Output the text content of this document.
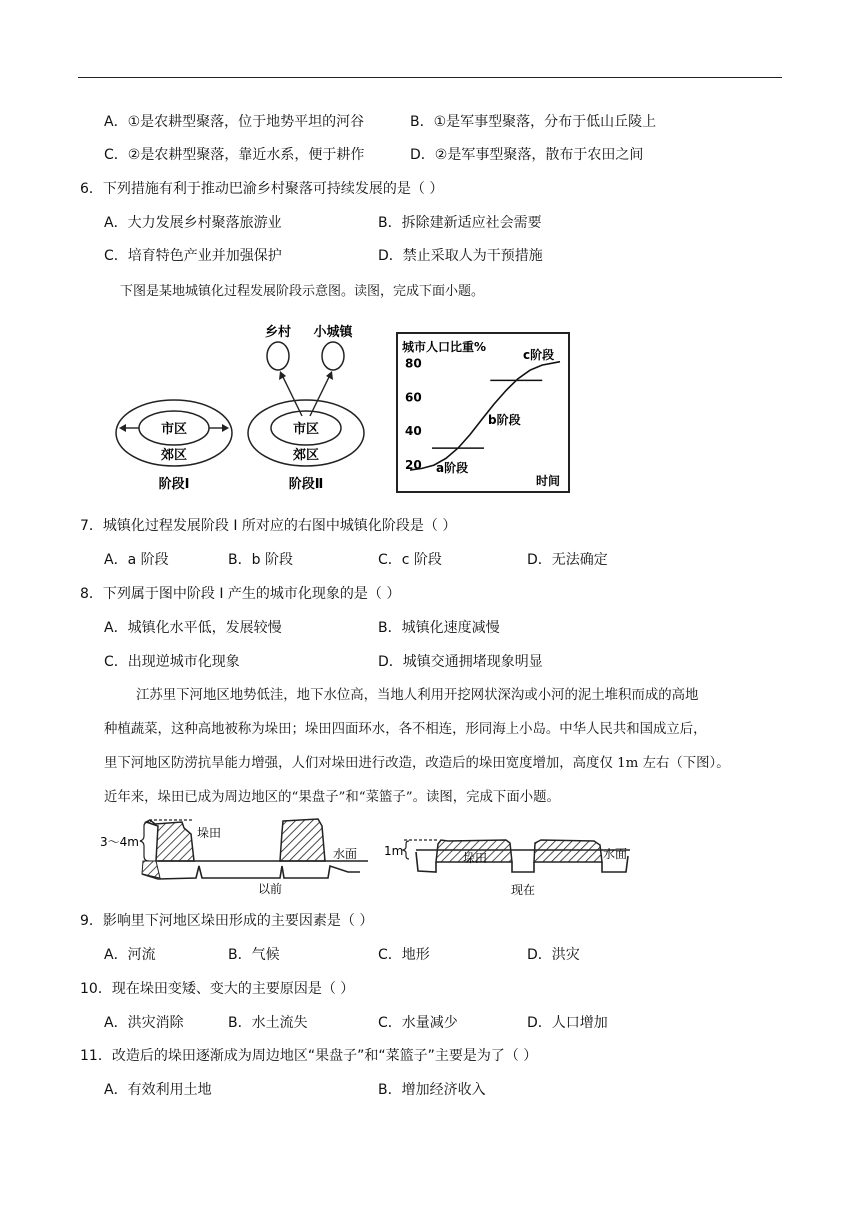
A．①是农耕型聚落，位于地势平坦的河谷	B．①是军事型聚落，分布于低山丘陵上
C．②是农耕型聚落，靠近水系，便于耕作	D．②是军事型聚落，散布于农田之间
6．下列措施有利于推动巴渝乡村聚落可持续发展的是（ ）
A．大力发展乡村聚落旅游业	B．拆除建新适应社会需要
C．培育特色产业并加强保护	D．禁止采取人为干预措施
下图是某地城镇化过程发展阶段示意图。读图，完成下面小题。
市区
郊区
阶段Ⅰ
乡村 小城镇
市区
郊区
阶段Ⅱ
城市人口比重%
时间
20
40
60
80
a阶段
b阶段
c阶段
7．城镇化过程发展阶段 I 所对应的右图中城镇化阶段是（ ）
A．a 阶段	B．b 阶段	C．c 阶段	D．无法确定
8．下列属于图中阶段 I 产生的城市化现象的是（ ）
A．城镇化水平低，发展较慢	B．城镇化速度减慢
C．出现逆城市化现象	D．城镇交通拥堵现象明显
江苏里下河地区地势低洼，地下水位高，当地人利用开挖网状深沟或小河的泥土堆积而成的高地
种植蔬菜，这种高地被称为垛田；垛田四面环水，各不相连，形同海上小岛。中华人民共和国成立后，
里下河地区防涝抗旱能力增强，人们对垛田进行改造，改造后的垛田宽度增加，高度仅 1m 左右（下图）。
近年来，垛田已成为周边地区的“果盘子”和“菜篮子”。读图，完成下面小题。
3～4m
垛田
水面
以前
1m	垛田	水面
现在
9．影响里下河地区垛田形成的主要因素是（ ）
A．河流	B．气候	C．地形	D．洪灾
10．现在垛田变矮、变大的主要原因是（ ）
A．洪灾消除	B．水土流失	C．水量减少	D．人口增加
11．改造后的垛田逐渐成为周边地区“果盘子”和“菜篮子”主要是为了（ ）
A．有效利用土地	B．增加经济收入
